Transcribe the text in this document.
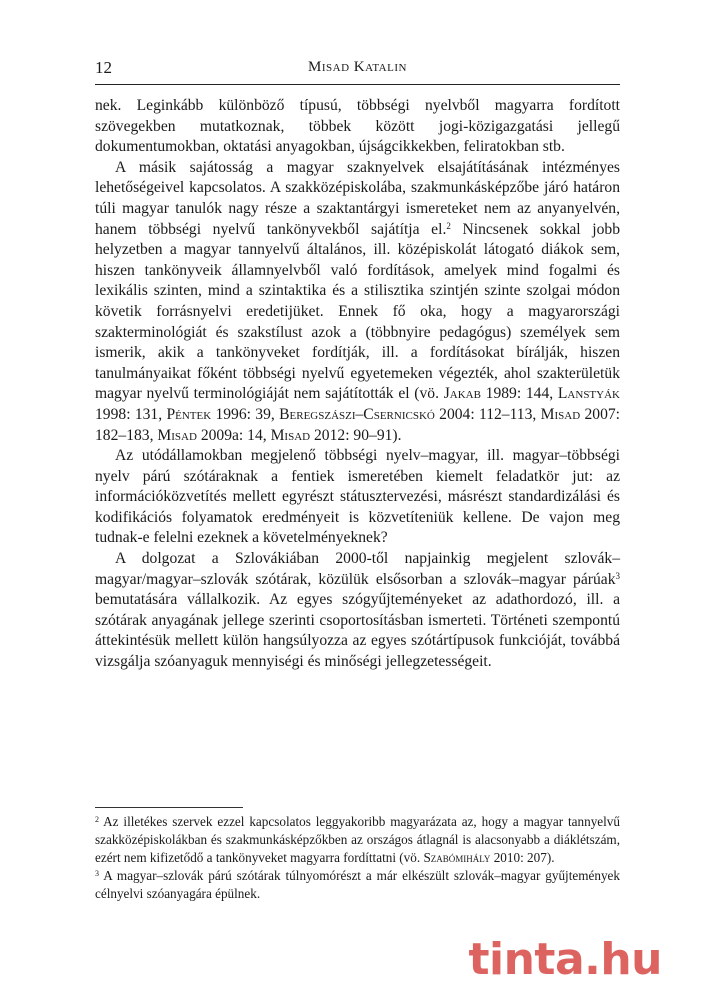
12	Misad Katalin

nek. Leginkább különböző típusú, többségi nyelvből magyarra fordított szövegekben mutatkoznak, többek között jogi-közigazgatási jellegű dokumentumokban, oktatási anyagokban, újságcikkekben, feliratokban stb.

A másik sajátosság a magyar szaknyelvek elsajátításának intézményes lehetőségeivel kapcsolatos. A szakközépiskolába, szakmunkásképzőbe járó határon túli magyar tanulók nagy része a szaktantárgyi ismereteket nem az anyanyelvén, hanem többségi nyelvű tankönyvekből sajátítja el.$^2$ Nincsenek sokkal jobb helyzetben a magyar tannyelvű általános, ill. középiskolát látogató diákok sem, hiszen tankönyveik államnyelvből való fordítások, amelyek mind fogalmi és lexikális szinten, mind a szintaktika és a stilisztika szintjén szinte szolgai módon követik forrásnyelvi eredetijüket. Ennek fő oka, hogy a magyarországi szakterminológiát és szakstílust azok a (többnyire pedagógus) személyek sem ismerik, akik a tankönyveket fordítják, ill. a fordításokat bírálják, hiszen tanulmányaikat főként többségi nyelvű egyetemeken végezték, ahol szakterületük magyar nyelvű terminológiáját nem sajátították el (vö. Jakab 1989: 144, Lanstyák 1998: 131, Péntek 1996: 39, Beregszászi–Csernicskó 2004: 112–113, Misad 2007: 182–183, Misad 2009a: 14, Misad 2012: 90–91).

Az utódállamokban megjelenő többségi nyelv–magyar, ill. magyar–többségi nyelv párú szótáraknak a fentiek ismeretében kiemelt feladatkör jut: az információközvetítés mellett egyrészt státusztervezési, másrészt standardizálási és kodifikációs folyamatok eredményeit is közvetíteniük kellene. De vajon meg tudnak-e felelni ezeknek a követelményeknek?

A dolgozat a Szlovákiában 2000-től napjainkig megjelent szlovák–magyar/magyar–szlovák szótárak, közülük elsősorban a szlovák–magyar párúak$^3$ bemutatására vállalkozik. Az egyes szógyűjteményeket az adathordozó, ill. a szótárak anyagának jellege szerinti csoportosításban ismerteti. Történeti szempontú áttekintésük mellett külön hangsúlyozza az egyes szótártípusok funkcióját, továbbá vizsgálja szóanyaguk mennyiségi és minőségi jellegzetességeit.

$^2$ Az illetékes szervek ezzel kapcsolatos leggyakoribb magyarázata az, hogy a magyar tannyelvű szakközépiskolákban és szakmunkásképzőkben az országos átlagnál is alacsonyabb a diáklétszám, ezért nem kifizetődő a tankönyveket magyarra fordíttatni (vö. Szabómihály 2010: 207).

$^3$ A magyar–szlovák párú szótárak túlnyomórészt a már elkészült szlovák–magyar gyűjtemények célnyelvi szóanyagára épülnek.

tinta.hu
